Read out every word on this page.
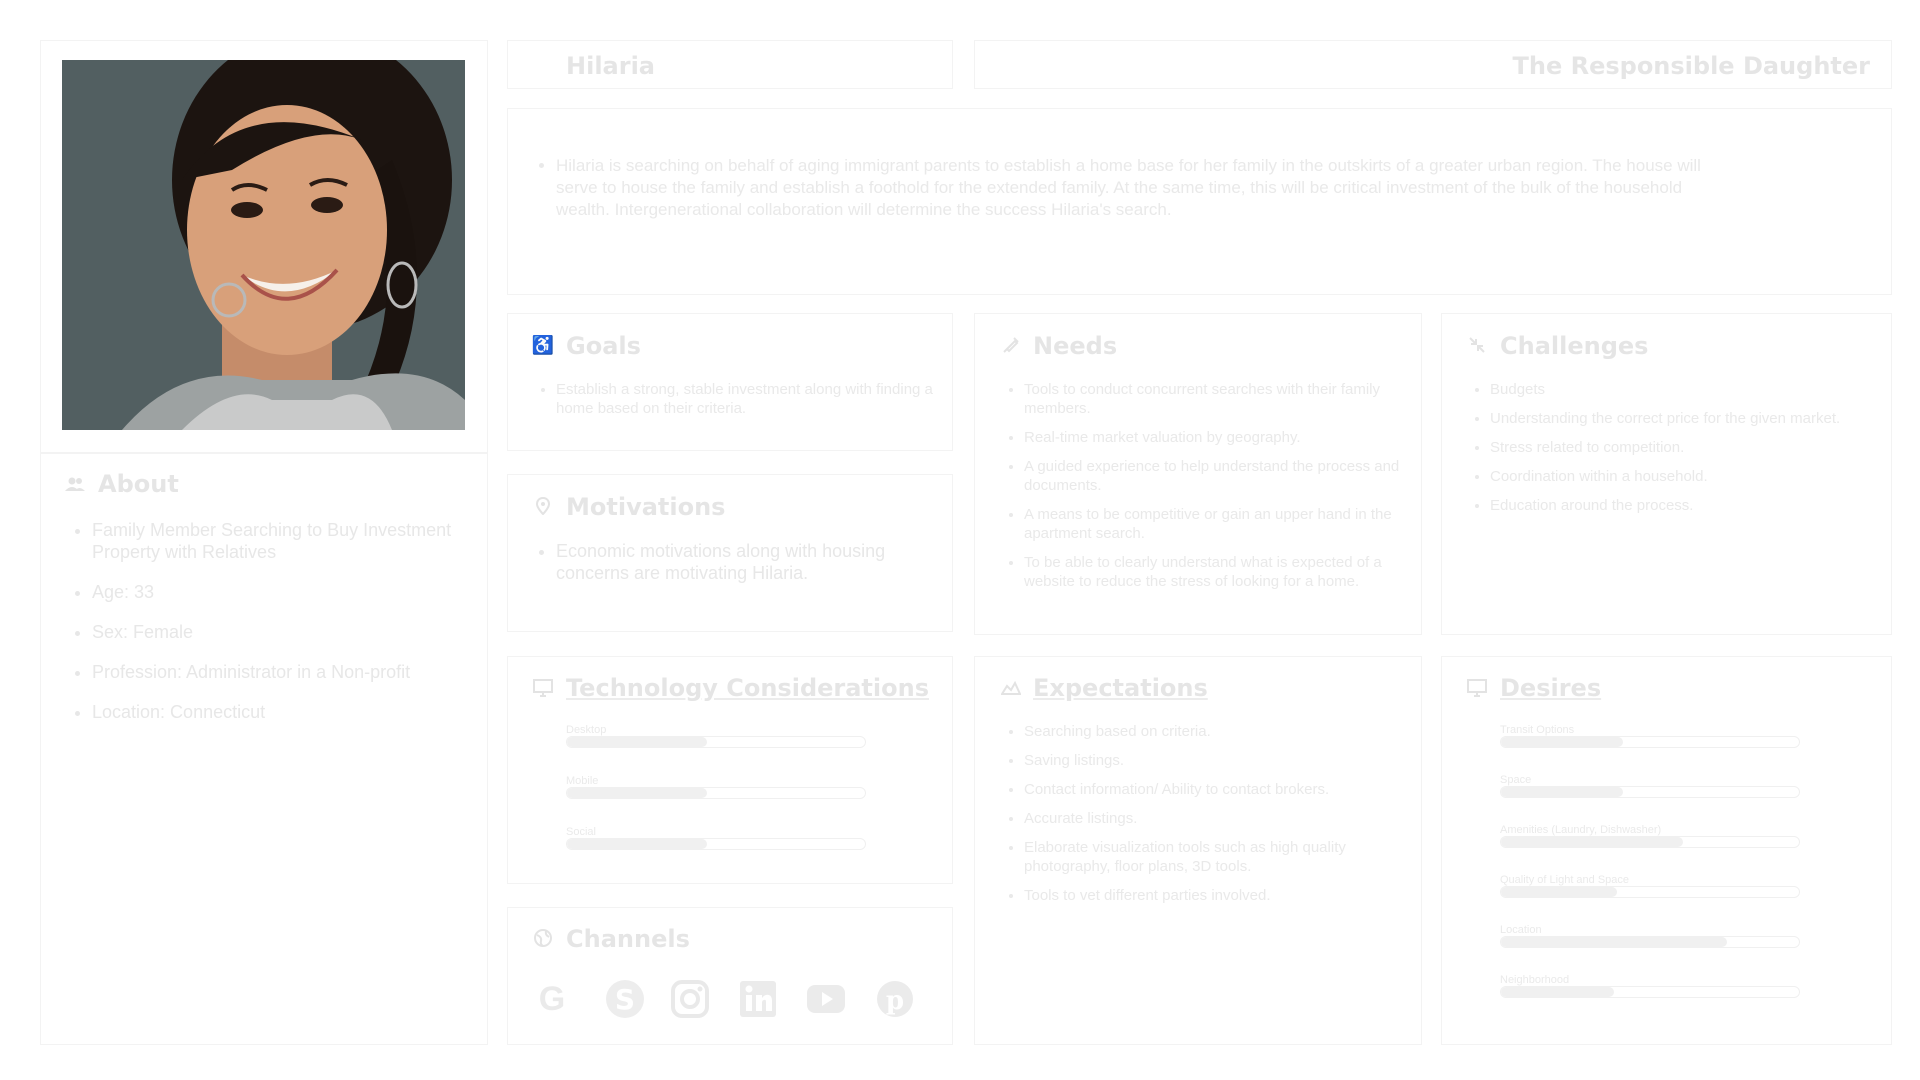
About
• Family Member Searching to Buy Investment Property with Relatives
• Age: 33
• Sex: Female
• Profession: Administrator in a Non-profit
• Location: Connecticut
Hilaria	The Responsible Daughter
• Hilaria is searching on behalf of aging immigrant parents to establish a home base for her family in the outskirts of a greater urban region. The house will serve to house the family and establish a foothold for the extended family. At the same time, this will be critical investment of the bulk of the household wealth. Intergenerational collaboration will determine the success Hilaria's search.
♿ Goals
• Establish a strong, stable investment along with finding a home based on their criteria.
Motivations
• Economic motivations along with housing concerns are motivating Hilaria.
Needs
• Tools to conduct concurrent searches with their family members.
• Real-time market valuation by geography.
• A guided experience to help understand the process and documents.
• A means to be competitive or gain an upper hand in the apartment search.
• To be able to clearly understand what is expected of a website to reduce the stress of looking for a home.
Challenges
• Budgets
• Understanding the correct price for the given market.
• Stress related to competition.
• Coordination within a household.
• Education around the process.
Technology Considerations
Desktop
Mobile
Social
Channels
G	S	p
Expectations
• Searching based on criteria.
• Saving listings.
• Contact information/ Ability to contact brokers.
• Accurate listings.
• Elaborate visualization tools such as high quality photography, floor plans, 3D tools.
• Tools to vet different parties involved.
Desires
Transit Options
Space
Amenities (Laundry, Dishwasher)
Quality of Light and Space
Location
Neighborhood
